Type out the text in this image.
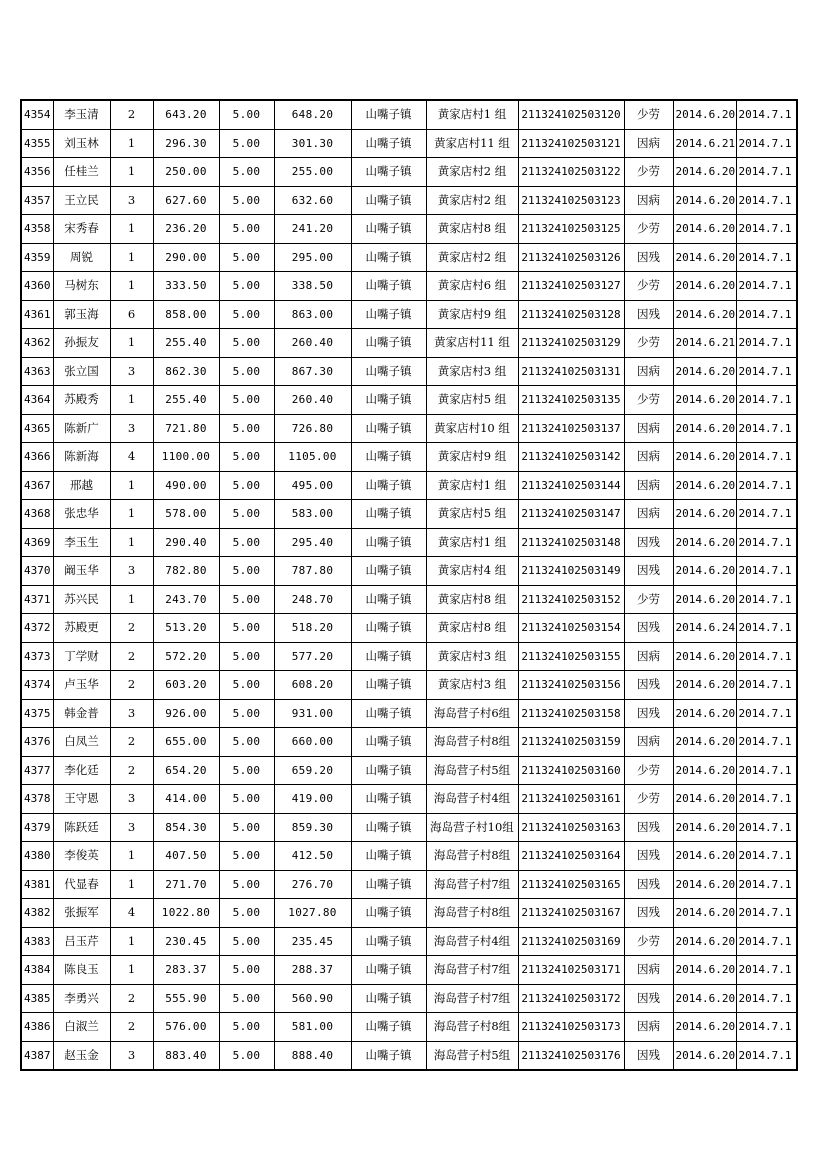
4354	李玉清	2	643.20	5.00	648.20	山嘴子镇	黄家店村1 组	211324102503120	少劳	2014.6.20	2014.7.1
4355	刘玉林	1	296.30	5.00	301.30	山嘴子镇	黄家店村11 组	211324102503121	因病	2014.6.21	2014.7.1
4356	任桂兰	1	250.00	5.00	255.00	山嘴子镇	黄家店村2 组	211324102503122	少劳	2014.6.20	2014.7.1
4357	王立民	3	627.60	5.00	632.60	山嘴子镇	黄家店村2 组	211324102503123	因病	2014.6.20	2014.7.1
4358	宋秀春	1	236.20	5.00	241.20	山嘴子镇	黄家店村8 组	211324102503125	少劳	2014.6.20	2014.7.1
4359	周锐	1	290.00	5.00	295.00	山嘴子镇	黄家店村2 组	211324102503126	因残	2014.6.20	2014.7.1
4360	马树东	1	333.50	5.00	338.50	山嘴子镇	黄家店村6 组	211324102503127	少劳	2014.6.20	2014.7.1
4361	郭玉海	6	858.00	5.00	863.00	山嘴子镇	黄家店村9 组	211324102503128	因残	2014.6.20	2014.7.1
4362	孙振友	1	255.40	5.00	260.40	山嘴子镇	黄家店村11 组	211324102503129	少劳	2014.6.21	2014.7.1
4363	张立国	3	862.30	5.00	867.30	山嘴子镇	黄家店村3 组	211324102503131	因病	2014.6.20	2014.7.1
4364	苏殿秀	1	255.40	5.00	260.40	山嘴子镇	黄家店村5 组	211324102503135	少劳	2014.6.20	2014.7.1
4365	陈新广	3	721.80	5.00	726.80	山嘴子镇	黄家店村10 组	211324102503137	因病	2014.6.20	2014.7.1
4366	陈新海	4	1100.00	5.00	1105.00	山嘴子镇	黄家店村9 组	211324102503142	因病	2014.6.20	2014.7.1
4367	邢越	1	490.00	5.00	495.00	山嘴子镇	黄家店村1 组	211324102503144	因病	2014.6.20	2014.7.1
4368	张忠华	1	578.00	5.00	583.00	山嘴子镇	黄家店村5 组	211324102503147	因病	2014.6.20	2014.7.1
4369	李玉生	1	290.40	5.00	295.40	山嘴子镇	黄家店村1 组	211324102503148	因残	2014.6.20	2014.7.1
4370	阚玉华	3	782.80	5.00	787.80	山嘴子镇	黄家店村4 组	211324102503149	因残	2014.6.20	2014.7.1
4371	苏兴民	1	243.70	5.00	248.70	山嘴子镇	黄家店村8 组	211324102503152	少劳	2014.6.20	2014.7.1
4372	苏殿更	2	513.20	5.00	518.20	山嘴子镇	黄家店村8 组	211324102503154	因残	2014.6.24	2014.7.1
4373	丁学财	2	572.20	5.00	577.20	山嘴子镇	黄家店村3 组	211324102503155	因病	2014.6.20	2014.7.1
4374	卢玉华	2	603.20	5.00	608.20	山嘴子镇	黄家店村3 组	211324102503156	因残	2014.6.20	2014.7.1
4375	韩金普	3	926.00	5.00	931.00	山嘴子镇	海岛营子村6组	211324102503158	因残	2014.6.20	2014.7.1
4376	白凤兰	2	655.00	5.00	660.00	山嘴子镇	海岛营子村8组	211324102503159	因病	2014.6.20	2014.7.1
4377	李化廷	2	654.20	5.00	659.20	山嘴子镇	海岛营子村5组	211324102503160	少劳	2014.6.20	2014.7.1
4378	王守恩	3	414.00	5.00	419.00	山嘴子镇	海岛营子村4组	211324102503161	少劳	2014.6.20	2014.7.1
4379	陈跃廷	3	854.30	5.00	859.30	山嘴子镇	海岛营子村10组	211324102503163	因残	2014.6.20	2014.7.1
4380	李俊英	1	407.50	5.00	412.50	山嘴子镇	海岛营子村8组	211324102503164	因残	2014.6.20	2014.7.1
4381	代显春	1	271.70	5.00	276.70	山嘴子镇	海岛营子村7组	211324102503165	因残	2014.6.20	2014.7.1
4382	张振军	4	1022.80	5.00	1027.80	山嘴子镇	海岛营子村8组	211324102503167	因残	2014.6.20	2014.7.1
4383	吕玉芹	1	230.45	5.00	235.45	山嘴子镇	海岛营子村4组	211324102503169	少劳	2014.6.20	2014.7.1
4384	陈良玉	1	283.37	5.00	288.37	山嘴子镇	海岛营子村7组	211324102503171	因病	2014.6.20	2014.7.1
4385	李勇兴	2	555.90	5.00	560.90	山嘴子镇	海岛营子村7组	211324102503172	因残	2014.6.20	2014.7.1
4386	白淑兰	2	576.00	5.00	581.00	山嘴子镇	海岛营子村8组	211324102503173	因病	2014.6.20	2014.7.1
4387	赵玉金	3	883.40	5.00	888.40	山嘴子镇	海岛营子村5组	211324102503176	因残	2014.6.20	2014.7.1
